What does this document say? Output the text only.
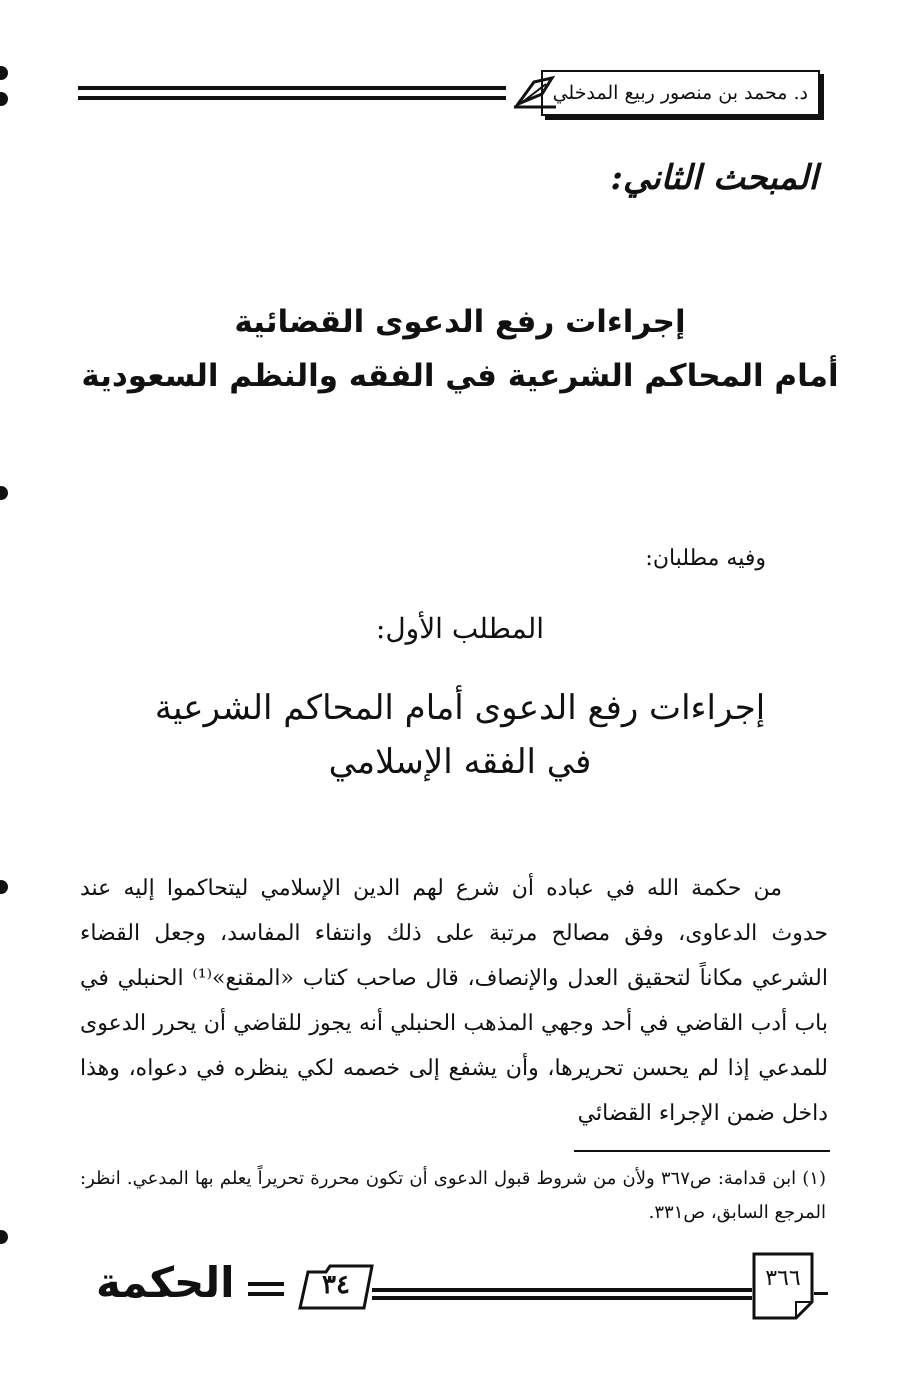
د. محمد بن منصور ربيع المدخلي
المبحث الثاني:
إجراءات رفع الدعوى القضائية
أمام المحاكم الشرعية في الفقه والنظم السعودية
وفيه مطلبان:
المطلب الأول:
إجراءات رفع الدعوى أمام المحاكم الشرعية
في الفقه الإسلامي

من حكمة الله في عباده أن شرع لهم الدين الإسلامي ليتحاكموا إليه عند حدوث الدعاوى، وفق مصالح مرتبة على ذلك وانتفاء المفاسد، وجعل القضاء الشرعي مكاناً لتحقيق العدل والإنصاف، قال صاحب كتاب «المقنع»⁽¹⁾ الحنبلي في باب أدب القاضي في أحد وجهي المذهب الحنبلي أنه يجوز للقاضي أن يحرر الدعوى للمدعي إذا لم يحسن تحريرها، وأن يشفع إلى خصمه لكي ينظره في دعواه، وهذا داخل ضمن الإجراء القضائي

(١) ابن قدامة: ص٣٦٧ ولأن من شروط قبول الدعوى أن تكون محررة تحريراً يعلم بها المدعي. انظر: المرجع السابق، ص٣٣١.

٣٦٦
٣٤
الحكمة
